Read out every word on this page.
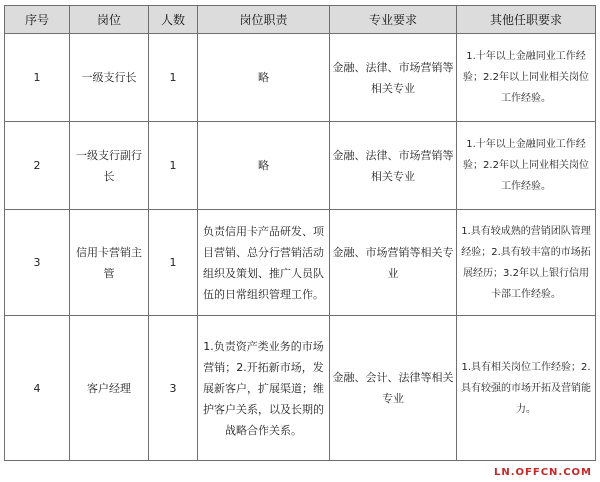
序号	岗位	人数	岗位职责	专业要求	其他任职要求
1	一级支行长	1	略	金融、法律、市场营销等相关专业	1.十年以上金融同业工作经验；2.2年以上同业相关岗位工作经验。
2	一级支行副行长	1	略	金融、法律、市场营销等相关专业	1.十年以上金融同业工作经验；2.2年以上同业相关岗位工作经验。
3	信用卡营销主管	1	负责信用卡产品研发、项目营销、总分行营销活动组织及策划、推广人员队伍的日常组织管理工作。	金融、市场营销等相关专业	1.具有较成熟的营销团队管理经验；2.具有较丰富的市场拓展经历；3.2年以上银行信用卡部工作经验。
4	客户经理	3	1.负责资产类业务的市场营销；2.开拓新市场，发展新客户，扩展渠道；维护客户关系，以及长期的战略合作关系。	金融、会计、法律等相关专业	1.具有相关岗位工作经验；2.具有较强的市场开拓及营销能力。
LN.OFFCN.COM
